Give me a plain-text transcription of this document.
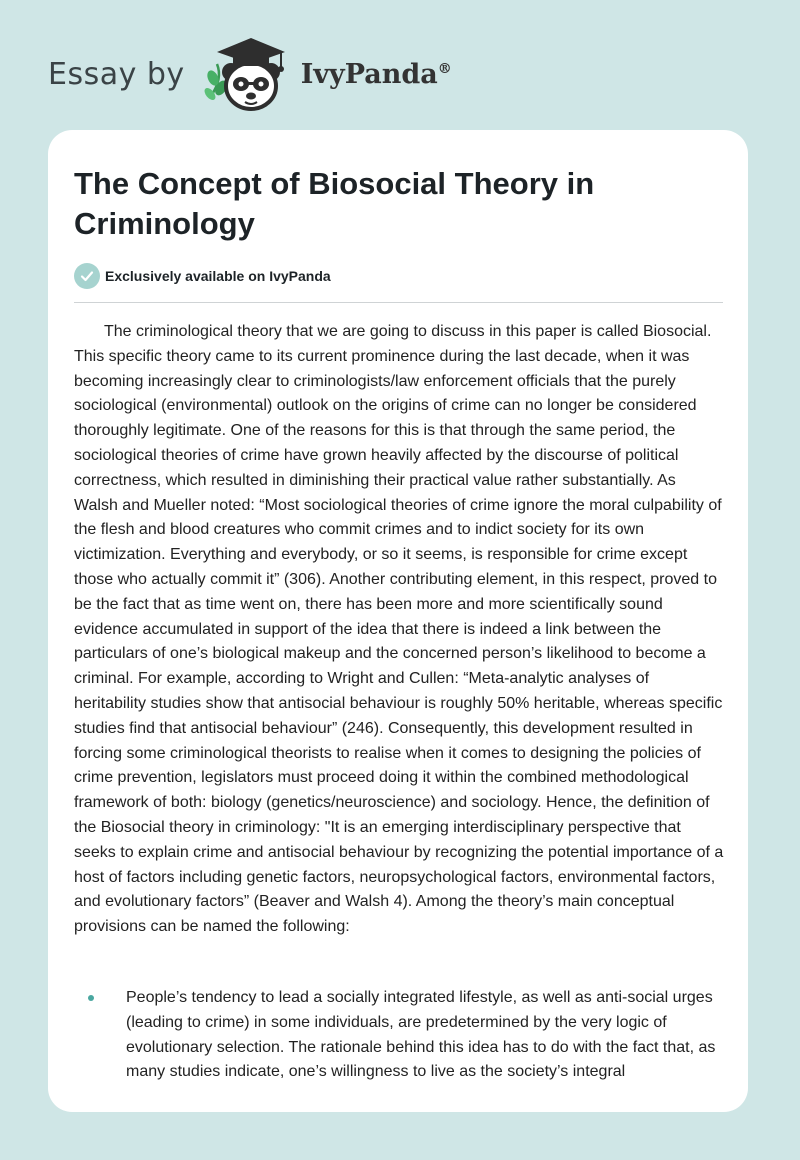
Essay by	IvyPanda®
The Concept of Biosocial Theory in Criminology
Exclusively available on IvyPanda

The criminological theory that we are going to discuss in this paper is called Biosocial. This specific theory came to its current prominence during the last decade, when it was becoming increasingly clear to criminologists/law enforcement officials that the purely sociological (environmental) outlook on the origins of crime can no longer be considered thoroughly legitimate. One of the reasons for this is that through the same period, the sociological theories of crime have grown heavily affected by the discourse of political correctness, which resulted in diminishing their practical value rather substantially. As Walsh and Mueller noted: “Most sociological theories of crime ignore the moral culpability of the flesh and blood creatures who commit crimes and to indict society for its own victimization. Everything and everybody, or so it seems, is responsible for crime except those who actually commit it” (306). Another contributing element, in this respect, proved to be the fact that as time went on, there has been more and more scientifically sound evidence accumulated in support of the idea that there is indeed a link between the particulars of one’s biological makeup and the concerned person’s likelihood to become a criminal. For example, according to Wright and Cullen: “Meta-analytic analyses of heritability studies show that antisocial behaviour is roughly 50% heritable, whereas specific studies find that antisocial behaviour” (246). Consequently, this development resulted in forcing some criminological theorists to realise when it comes to designing the policies of crime prevention, legislators must proceed doing it within the combined methodological framework of both: biology (genetics/neuroscience) and sociology. Hence, the definition of the Biosocial theory in criminology: "It is an emerging interdisciplinary perspective that seeks to explain crime and antisocial behaviour by recognizing the potential importance of a host of factors including genetic factors, neuropsychological factors, environmental factors, and evolutionary factors” (Beaver and Walsh 4). Among the theory’s main conceptual provisions can be named the following:

People’s tendency to lead a socially integrated lifestyle, as well as anti-social urges (leading to crime) in some individuals, are predetermined by the very logic of evolutionary selection. The rationale behind this idea has to do with the fact that, as many studies indicate, one’s willingness to live as the society’s integral
